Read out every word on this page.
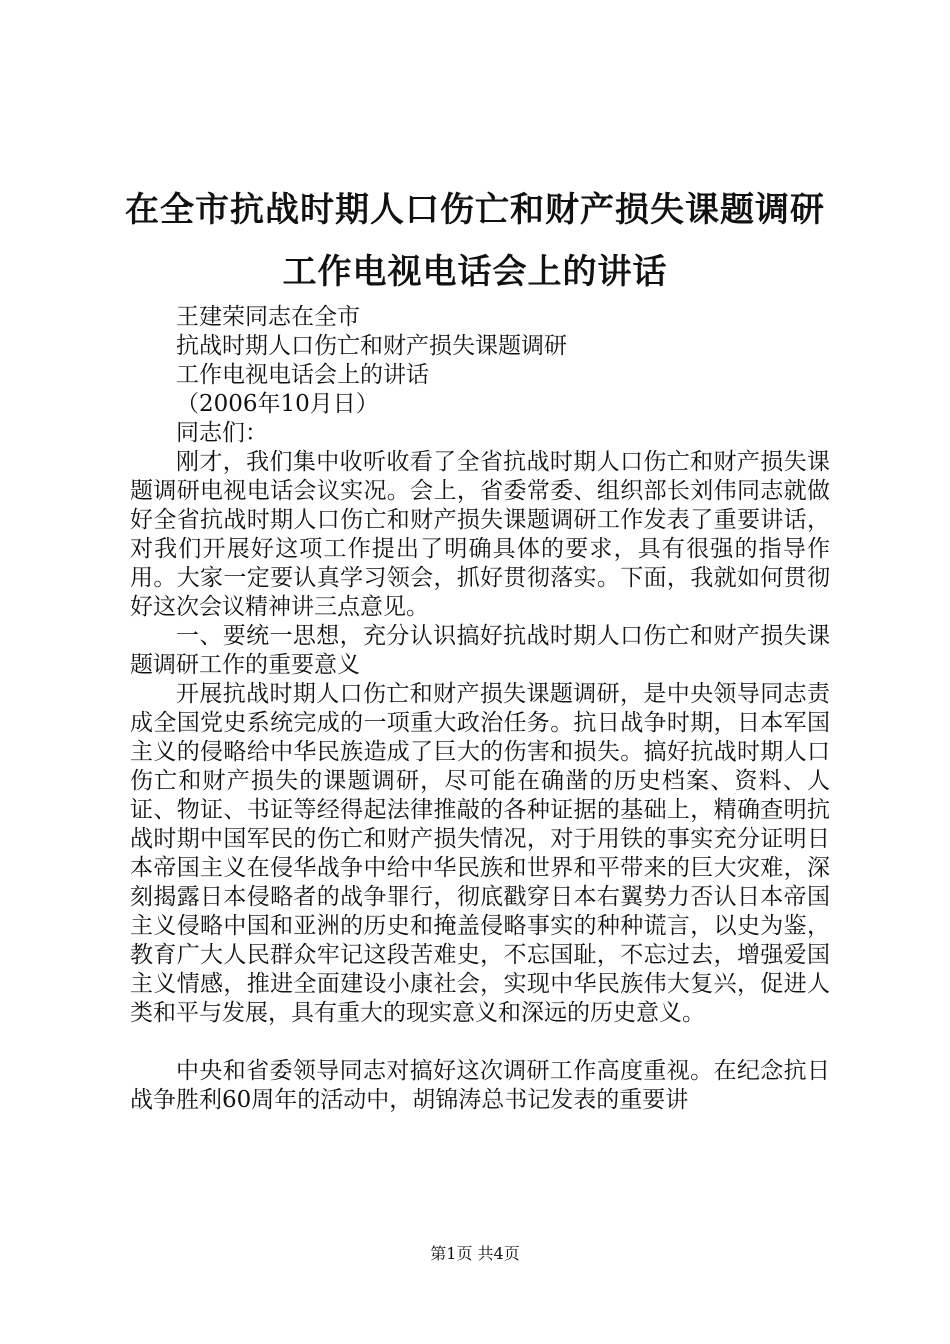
在全市抗战时期人口伤亡和财产损失课题调研
工作电视电话会上的讲话

王建荣同志在全市

抗战时期人口伤亡和财产损失课题调研

工作电视电话会上的讲话

（2006年10月日）

同志们：

刚才，我们集中收听收看了全省抗战时期人口伤亡和财产损失课题调研电视电话会议实况。会上，省委常委、组织部长刘伟同志就做好全省抗战时期人口伤亡和财产损失课题调研工作发表了重要讲话，对我们开展好这项工作提出了明确具体的要求，具有很强的指导作用。大家一定要认真学习领会，抓好贯彻落实。下面，我就如何贯彻好这次会议精神讲三点意见。

一、要统一思想，充分认识搞好抗战时期人口伤亡和财产损失课题调研工作的重要意义

开展抗战时期人口伤亡和财产损失课题调研，是中央领导同志责成全国党史系统完成的一项重大政治任务。抗日战争时期，日本军国主义的侵略给中华民族造成了巨大的伤害和损失。搞好抗战时期人口伤亡和财产损失的课题调研，尽可能在确凿的历史档案、资料、人证、物证、书证等经得起法律推敲的各种证据的基础上，精确查明抗战时期中国军民的伤亡和财产损失情况，对于用铁的事实充分证明日本帝国主义在侵华战争中给中华民族和世界和平带来的巨大灾难，深刻揭露日本侵略者的战争罪行，彻底戳穿日本右翼势力否认日本帝国主义侵略中国和亚洲的历史和掩盖侵略事实的种种谎言，以史为鉴，教育广大人民群众牢记这段苦难史，不忘国耻，不忘过去，增强爱国主义情感，推进全面建设小康社会，实现中华民族伟大复兴，促进人类和平与发展，具有重大的现实意义和深远的历史意义。

中央和省委领导同志对搞好这次调研工作高度重视。在纪念抗日战争胜利60周年的活动中，胡锦涛总书记发表的重要讲

第1页 共4页
